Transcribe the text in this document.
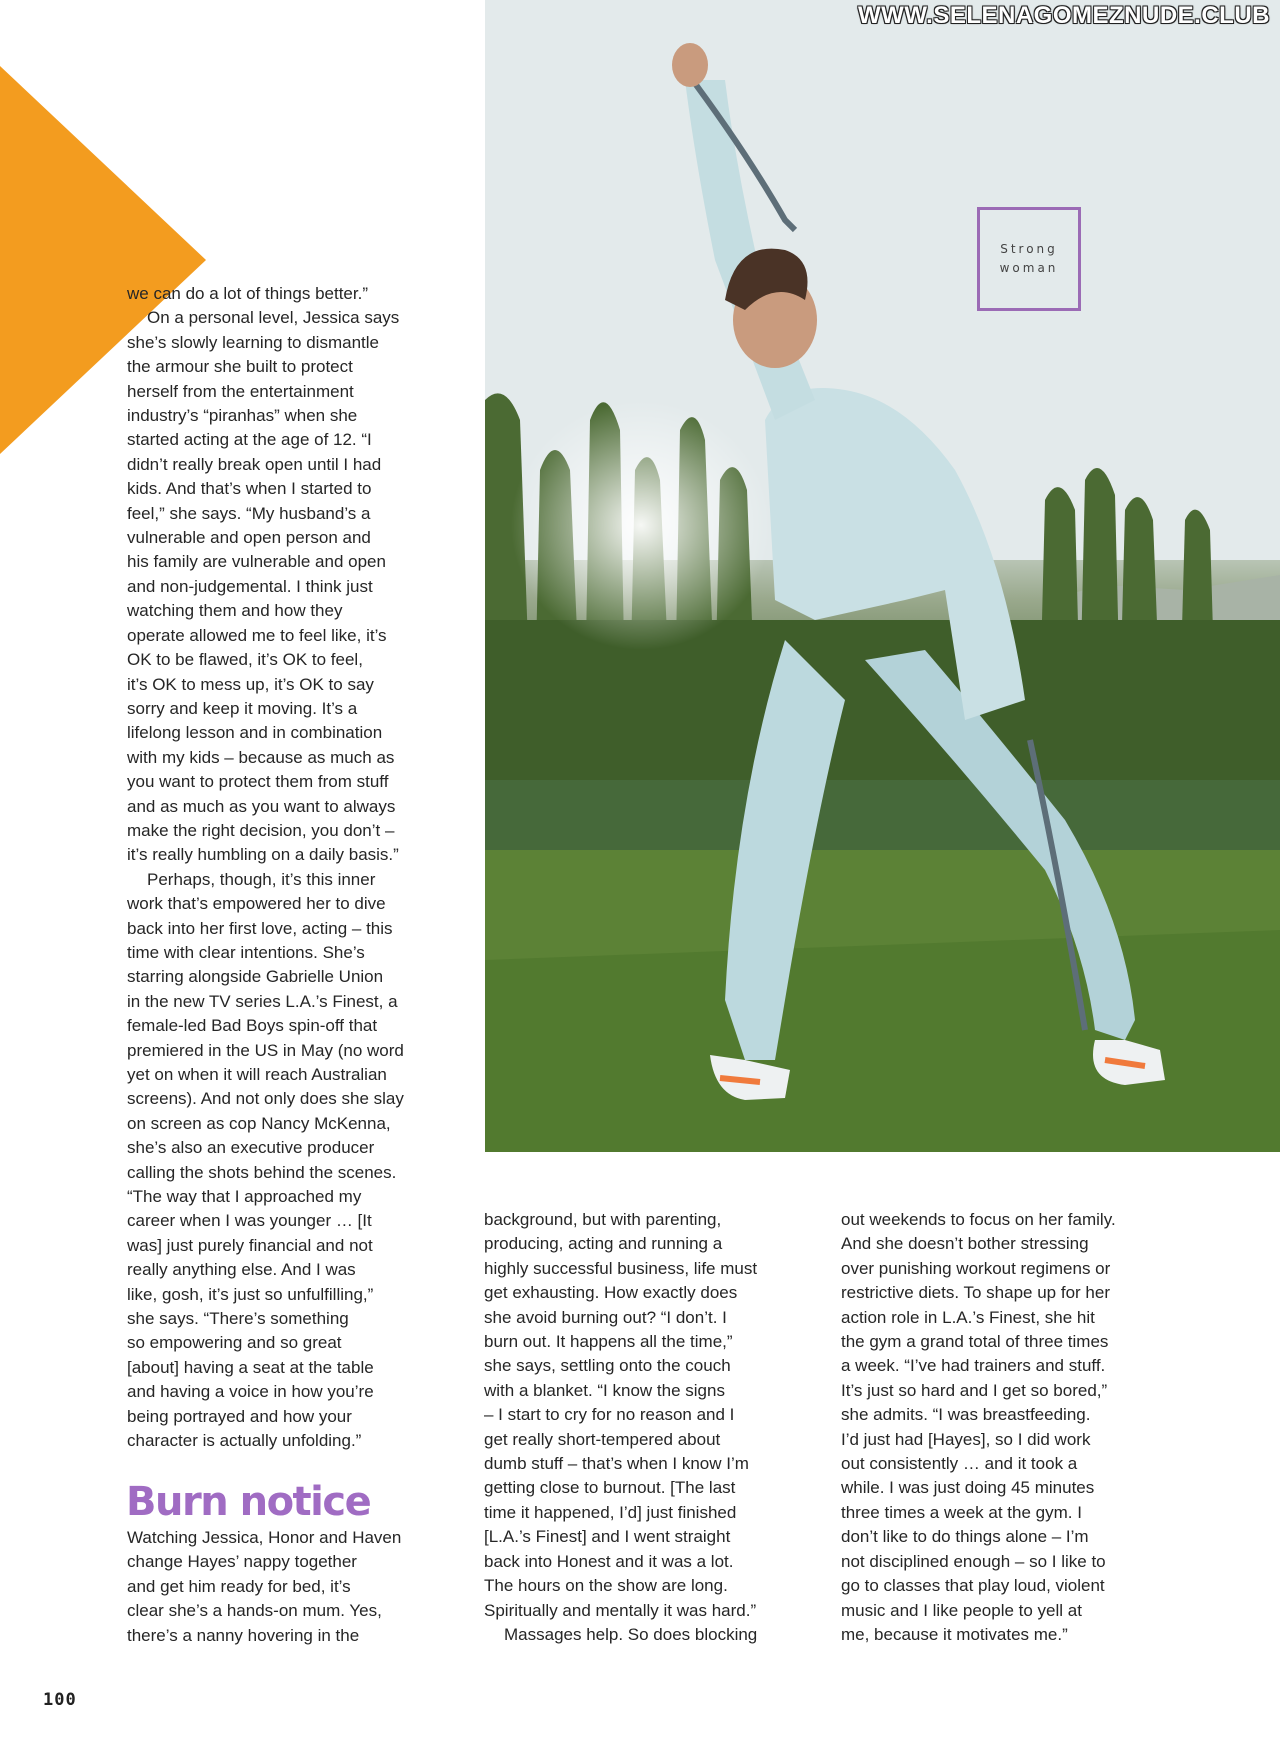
Strong woman
WWW.SELENAGOMEZNUDE.CLUB
we can do a lot of things better.”
On a personal level, Jessica says
she’s slowly learning to dismantle
the armour she built to protect
herself from the entertainment
industry’s “piranhas” when she
started acting at the age of 12. “I
didn’t really break open until I had
kids. And that’s when I started to
feel,” she says. “My husband’s a
vulnerable and open person and
his family are vulnerable and open
and non-judgemental. I think just
watching them and how they
operate allowed me to feel like, it’s
OK to be flawed, it’s OK to feel,
it’s OK to mess up, it’s OK to say
sorry and keep it moving. It’s a
lifelong lesson and in combination
with my kids – because as much as
you want to protect them from stuff
and as much as you want to always
make the right decision, you don’t –
it’s really humbling on a daily basis.”
Perhaps, though, it’s this inner
work that’s empowered her to dive
back into her first love, acting – this
time with clear intentions. She’s
starring alongside Gabrielle Union
in the new TV series L.A.’s Finest, a
female-led Bad Boys spin-off that
premiered in the US in May (no word
yet on when it will reach Australian
screens). And not only does she slay
on screen as cop Nancy McKenna,
she’s also an executive producer
calling the shots behind the scenes.
“The way that I approached my
career when I was younger … [It
was] just purely financial and not
really anything else. And I was
like, gosh, it’s just so unfulfilling,”
she says. “There’s something
so empowering and so great
[about] having a seat at the table
and having a voice in how you’re
being portrayed and how your
character is actually unfolding.”
Burn notice
Watching Jessica, Honor and Haven
change Hayes’ nappy together
and get him ready for bed, it’s
clear she’s a hands-on mum. Yes,
there’s a nanny hovering in the
background, but with parenting,
producing, acting and running a
highly successful business, life must
get exhausting. How exactly does
she avoid burning out? “I don’t. I
burn out. It happens all the time,”
she says, settling onto the couch
with a blanket. “I know the signs
– I start to cry for no reason and I
get really short-tempered about
dumb stuff – that’s when I know I’m
getting close to burnout. [The last
time it happened, I’d] just finished
[L.A.’s Finest] and I went straight
back into Honest and it was a lot.
The hours on the show are long.
Spiritually and mentally it was hard.”
Massages help. So does blocking
out weekends to focus on her family.
And she doesn’t bother stressing
over punishing workout regimens or
restrictive diets. To shape up for her
action role in L.A.’s Finest, she hit
the gym a grand total of three times
a week. “I’ve had trainers and stuff.
It’s just so hard and I get so bored,”
she admits. “I was breastfeeding.
I’d just had [Hayes], so I did work
out consistently … and it took a
while. I was just doing 45 minutes
three times a week at the gym. I
don’t like to do things alone – I’m
not disciplined enough – so I like to
go to classes that play loud, violent
music and I like people to yell at
me, because it motivates me.”
100
